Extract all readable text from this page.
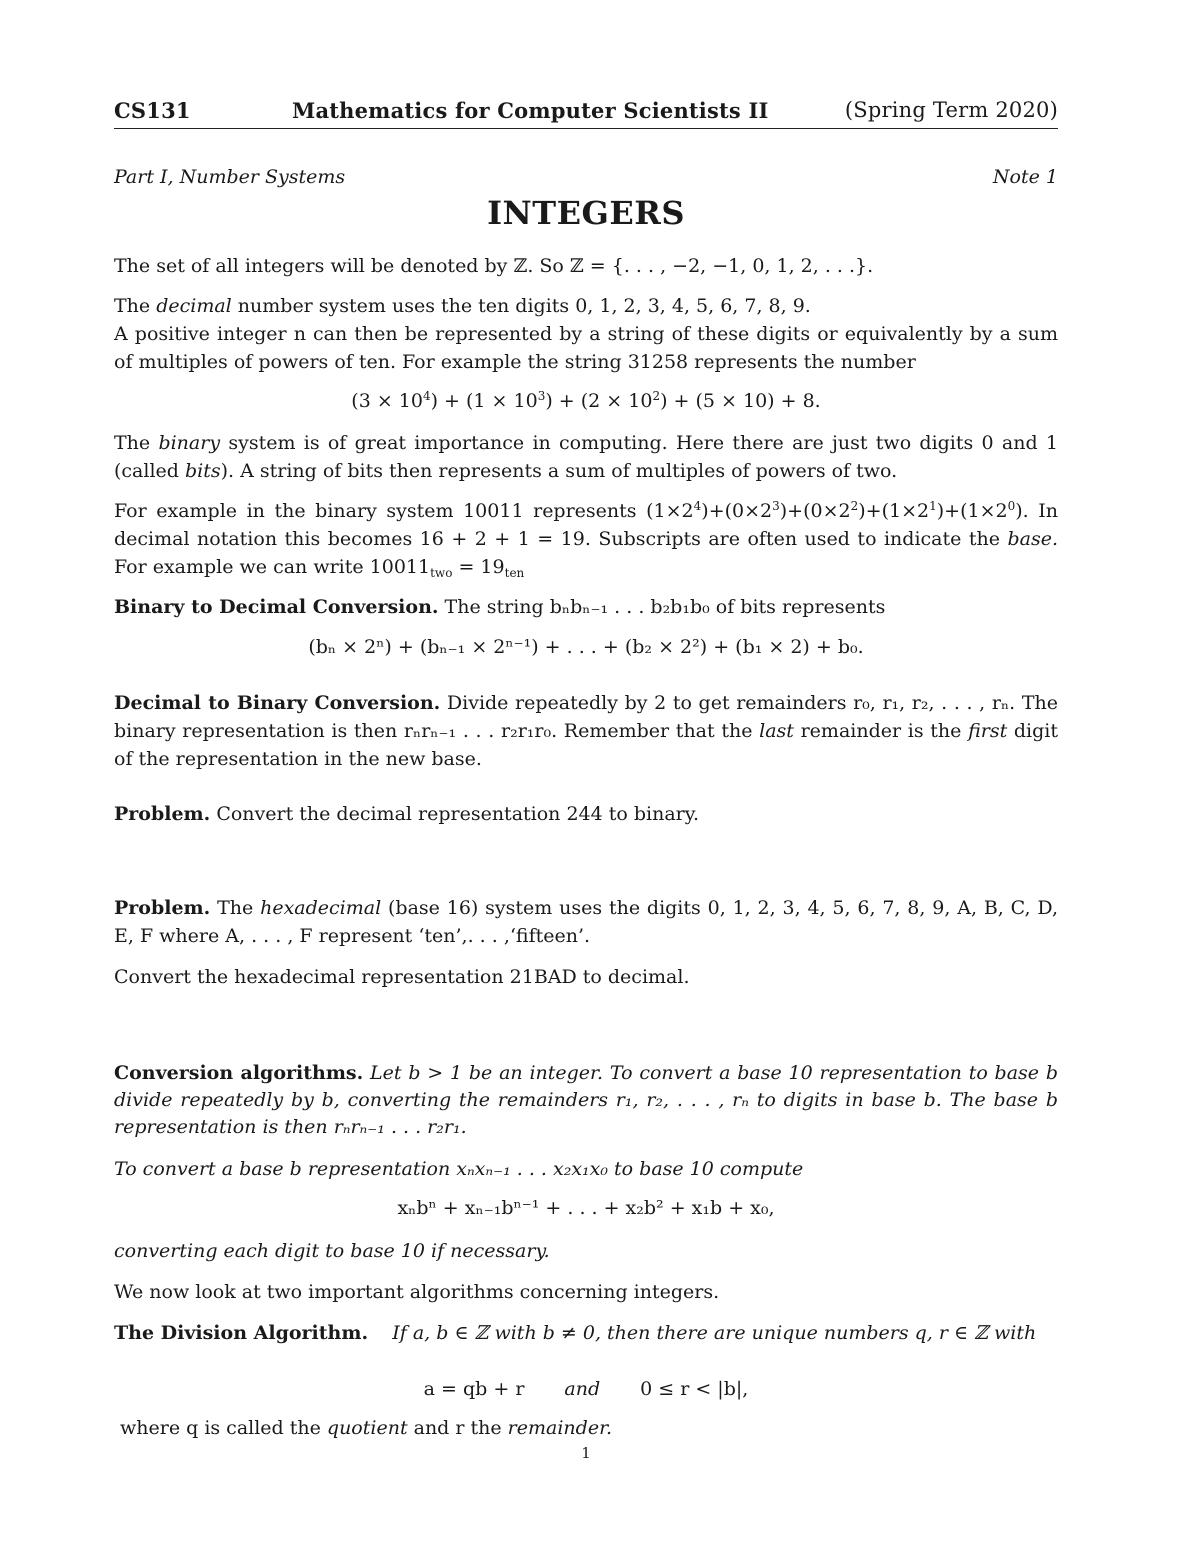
CS131	Mathematics for Computer Scientists II	(Spring Term 2020)
Part I, Number Systems	Note 1
INTEGERS
The set of all integers will be denoted by ℤ. So ℤ = {. . . , −2, −1, 0, 1, 2, . . .}.
The decimal number system uses the ten digits 0, 1, 2, 3, 4, 5, 6, 7, 8, 9.
A positive integer n can then be represented by a string of these digits or equivalently by a sum of multiples of powers of ten. For example the string 31258 represents the number
$(3 \times 10^4) + (1 \times 10^3) + (2 \times 10^2) + (5 \times 10) + 8$.
The binary system is of great importance in computing. Here there are just two digits 0 and 1 (called bits). A string of bits then represents a sum of multiples of powers of two.
For example in the binary system 10011 represents $(1\times 2^4)+(0\times 2^3)+(0\times 2^2)+(1\times 2^1)+(1\times 2^0)$. In decimal notation this becomes 16 + 2 + 1 = 19. Subscripts are often used to indicate the base. For example we can write $10011_{two} = 19_{ten}$
Binary to Decimal Conversion. The string bₙbₙ₋₁ . . . b₂b₁b₀ of bits represents
(bₙ × 2ⁿ) + (bₙ₋₁ × 2ⁿ⁻¹) + . . . + (b₂ × 2²) + (b₁ × 2) + b₀.
Decimal to Binary Conversion. Divide repeatedly by 2 to get remainders r₀, r₁, r₂, . . . , rₙ. The binary representation is then rₙrₙ₋₁ . . . r₂r₁r₀. Remember that the last remainder is the first digit of the representation in the new base.
Problem. Convert the decimal representation 244 to binary.
Problem. The hexadecimal (base 16) system uses the digits 0, 1, 2, 3, 4, 5, 6, 7, 8, 9, A, B, C, D, E, F where A, . . . , F represent ‘ten’,. . . ,‘fifteen’.
Convert the hexadecimal representation 21BAD to decimal.
Conversion algorithms. Let b > 1 be an integer. To convert a base 10 representation to base b divide repeatedly by b, converting the remainders r₁, r₂, . . . , rₙ to digits in base b. The base b representation is then rₙrₙ₋₁ . . . r₂r₁.
To convert a base b representation xₙxₙ₋₁ . . . x₂x₁x₀ to base 10 compute
xₙbⁿ + xₙ₋₁bⁿ⁻¹ + . . . + x₂b² + x₁b + x₀,
converting each digit to base 10 if necessary.
We now look at two important algorithms concerning integers.
The Division Algorithm. If a, b ∈ ℤ with b ≠ 0, then there are unique numbers q, r ∈ ℤ with
a = qb + r and 0 ≤ r < |b|,
where q is called the quotient and r the remainder.
1
